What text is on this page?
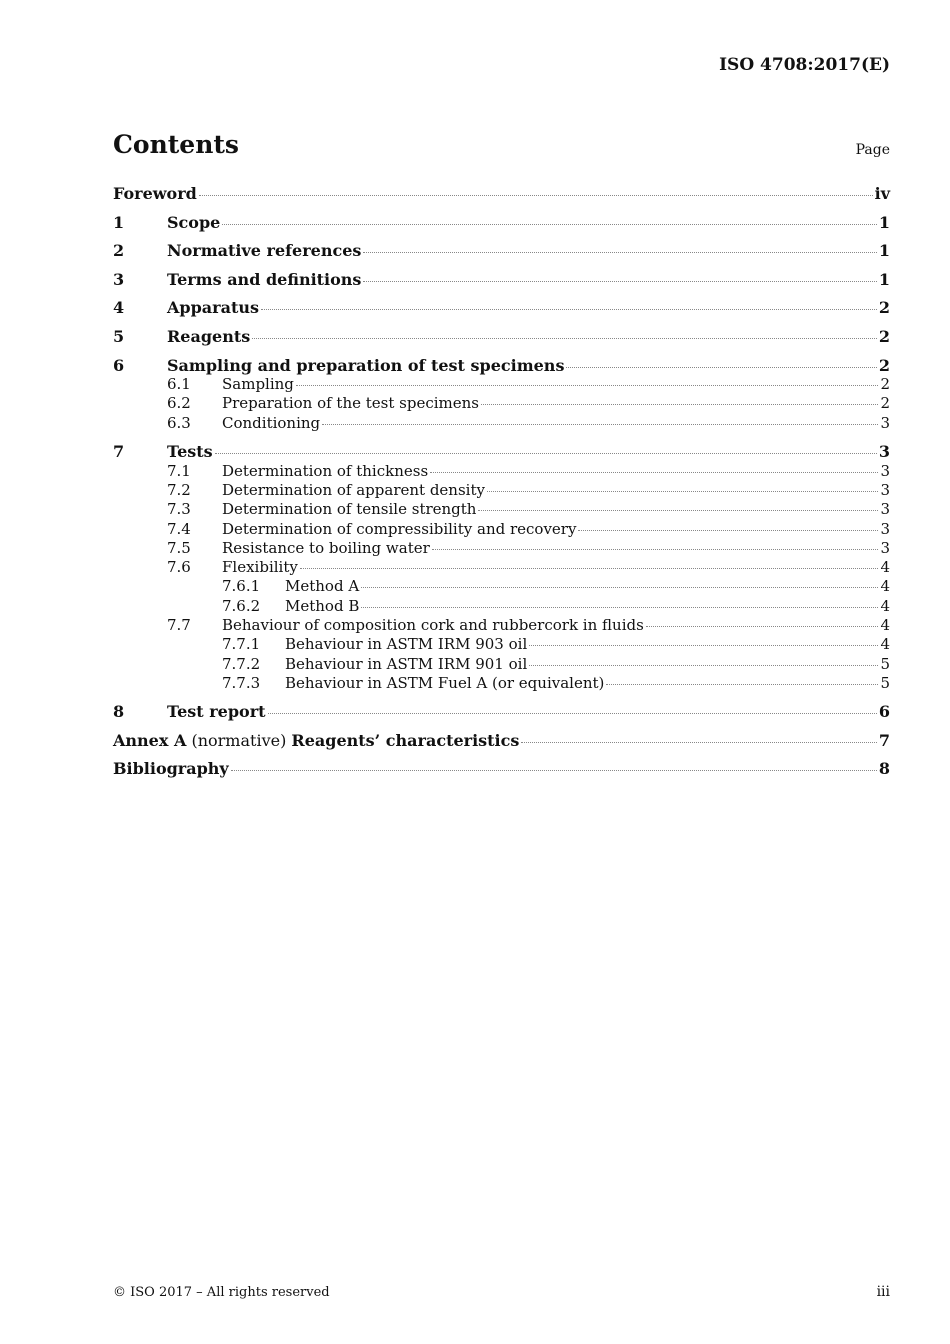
ISO 4708:2017(E)
Contents	Page
Foreword	iv
1	Scope	1
2	Normative references	1
3	Terms and definitions	1
4	Apparatus	2
5	Reagents	2
6	Sampling and preparation of test specimens	2
6.1	Sampling	2
6.2	Preparation of the test specimens	2
6.3	Conditioning	3
7	Tests	3
7.1	Determination of thickness	3
7.2	Determination of apparent density	3
7.3	Determination of tensile strength	3
7.4	Determination of compressibility and recovery	3
7.5	Resistance to boiling water	3
7.6	Flexibility	4
7.6.1	Method A	4
7.6.2	Method B	4
7.7	Behaviour of composition cork and rubbercork in fluids	4
7.7.1	Behaviour in ASTM IRM 903 oil	4
7.7.2	Behaviour in ASTM IRM 901 oil	5
7.7.3	Behaviour in ASTM Fuel A (or equivalent)	5
8	Test report	6
Annex A (normative) Reagents’ characteristics	7
Bibliography	8
© ISO 2017 – All rights reserved	iii
